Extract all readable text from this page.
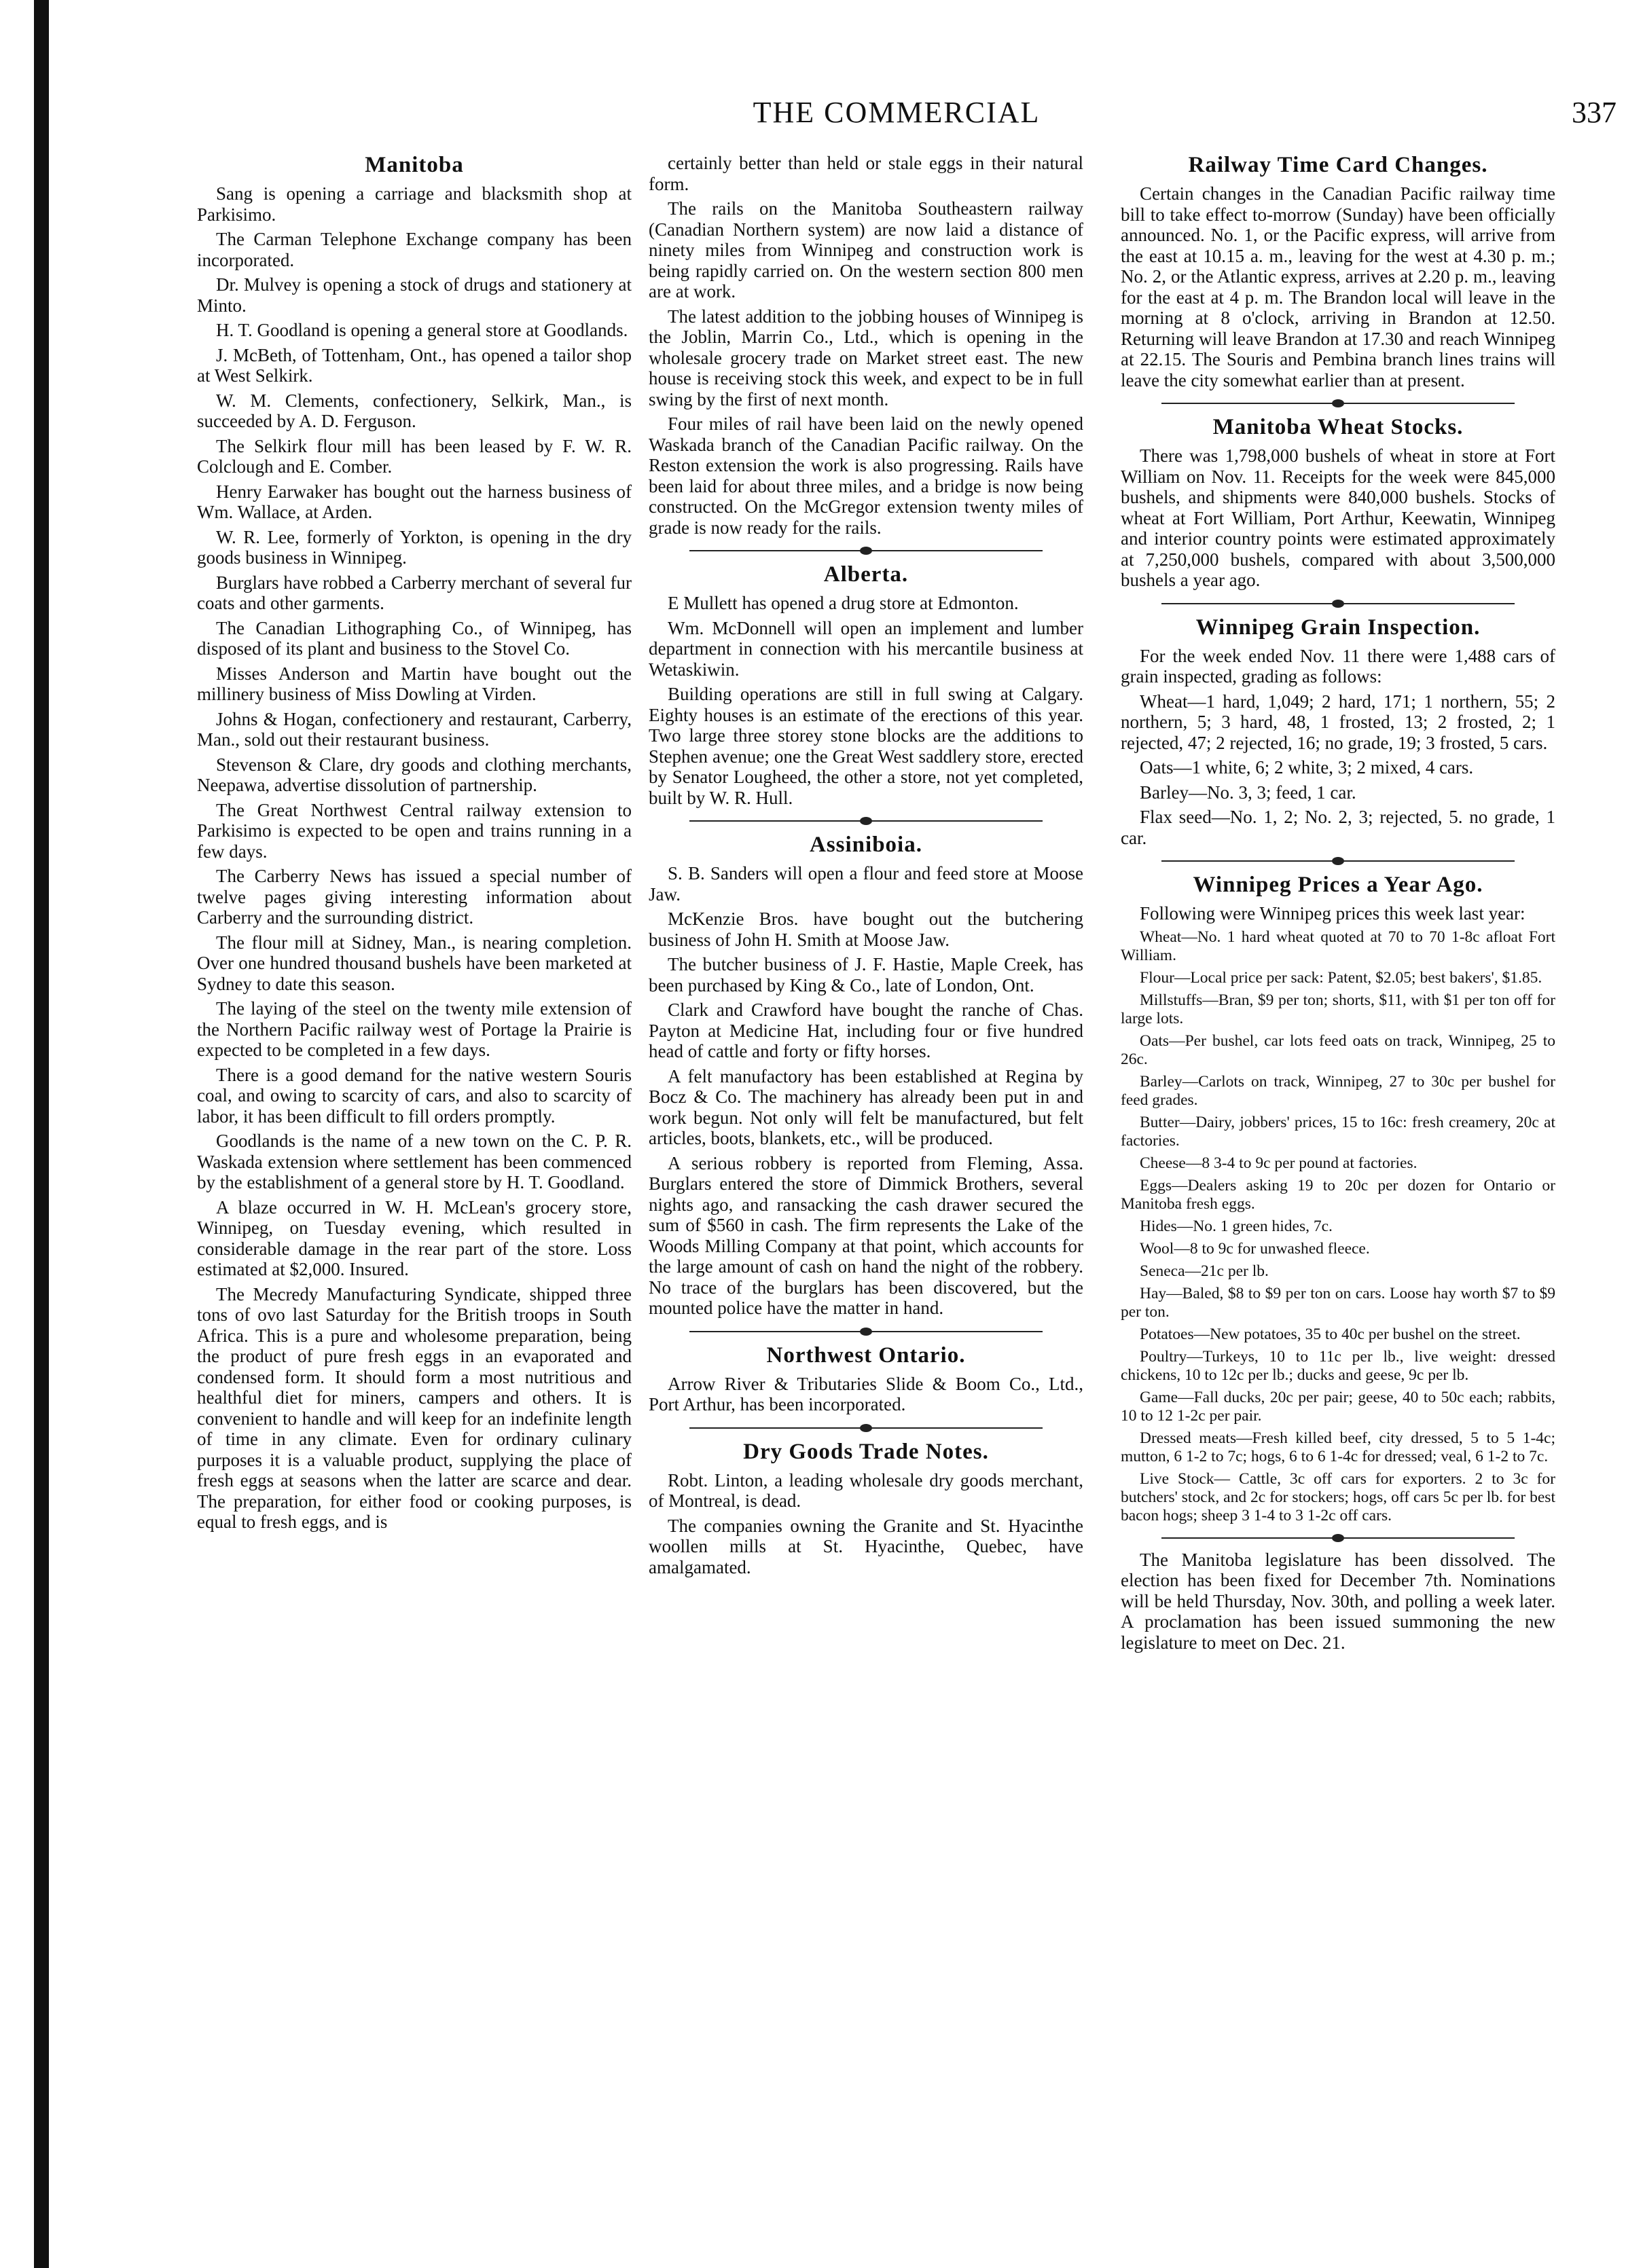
THE COMMERCIAL	337
Manitoba

Sang is opening a carriage and blacksmith shop at Parkisimo.

The Carman Telephone Exchange company has been incorporated.

Dr. Mulvey is opening a stock of drugs and stationery at Minto.

H. T. Goodland is opening a general store at Goodlands.

J. McBeth, of Tottenham, Ont., has opened a tailor shop at West Selkirk.

W. M. Clements, confectionery, Selkirk, Man., is succeeded by A. D. Ferguson.

The Selkirk flour mill has been leased by F. W. R. Colclough and E. Comber.

Henry Earwaker has bought out the harness business of Wm. Wallace, at Arden.

W. R. Lee, formerly of Yorkton, is opening in the dry goods business in Winnipeg.

Burglars have robbed a Carberry merchant of several fur coats and other garments.

The Canadian Lithographing Co., of Winnipeg, has disposed of its plant and business to the Stovel Co.

Misses Anderson and Martin have bought out the millinery business of Miss Dowling at Virden.

Johns & Hogan, confectionery and restaurant, Carberry, Man., sold out their restaurant business.

Stevenson & Clare, dry goods and clothing merchants, Neepawa, advertise dissolution of partnership.

The Great Northwest Central railway extension to Parkisimo is expected to be open and trains running in a few days.

The Carberry News has issued a special number of twelve pages giving interesting information about Carberry and the surrounding district.

The flour mill at Sidney, Man., is nearing completion. Over one hundred thousand bushels have been marketed at Sydney to date this season.

The laying of the steel on the twenty mile extension of the Northern Pacific railway west of Portage la Prairie is expected to be completed in a few days.

There is a good demand for the native western Souris coal, and owing to scarcity of cars, and also to scarcity of labor, it has been difficult to fill orders promptly.

Goodlands is the name of a new town on the C. P. R. Waskada extension where settlement has been commenced by the establishment of a general store by H. T. Goodland.

A blaze occurred in W. H. McLean's grocery store, Winnipeg, on Tuesday evening, which resulted in considerable damage in the rear part of the store. Loss estimated at $2,000. Insured.

The Mecredy Manufacturing Syndicate, shipped three tons of ovo last Saturday for the British troops in South Africa. This is a pure and wholesome preparation, being the product of pure fresh eggs in an evaporated and condensed form. It should form a most nutritious and healthful diet for miners, campers and others. It is convenient to handle and will keep for an indefinite length of time in any climate. Even for ordinary culinary purposes it is a valuable product, supplying the place of fresh eggs at seasons when the latter are scarce and dear. The preparation, for either food or cooking purposes, is equal to fresh eggs, and is

certainly better than held or stale eggs in their natural form.

The rails on the Manitoba Southeastern railway (Canadian Northern system) are now laid a distance of ninety miles from Winnipeg and construction work is being rapidly carried on. On the western section 800 men are at work.

The latest addition to the jobbing houses of Winnipeg is the Joblin, Marrin Co., Ltd., which is opening in the wholesale grocery trade on Market street east. The new house is receiving stock this week, and expect to be in full swing by the first of next month.

Four miles of rail have been laid on the newly opened Waskada branch of the Canadian Pacific railway. On the Reston extension the work is also progressing. Rails have been laid for about three miles, and a bridge is now being constructed. On the McGregor extension twenty miles of grade is now ready for the rails.

Alberta.

E Mullett has opened a drug store at Edmonton.

Wm. McDonnell will open an implement and lumber department in connection with his mercantile business at Wetaskiwin.

Building operations are still in full swing at Calgary. Eighty houses is an estimate of the erections of this year. Two large three storey stone blocks are the additions to Stephen avenue; one the Great West saddlery store, erected by Senator Lougheed, the other a store, not yet completed, built by W. R. Hull.

Assiniboia.

S. B. Sanders will open a flour and feed store at Moose Jaw.

McKenzie Bros. have bought out the butchering business of John H. Smith at Moose Jaw.

The butcher business of J. F. Hastie, Maple Creek, has been purchased by King & Co., late of London, Ont.

Clark and Crawford have bought the ranche of Chas. Payton at Medicine Hat, including four or five hundred head of cattle and forty or fifty horses.

A felt manufactory has been established at Regina by Bocz & Co. The machinery has already been put in and work begun. Not only will felt be manufactured, but felt articles, boots, blankets, etc., will be produced.

A serious robbery is reported from Fleming, Assa. Burglars entered the store of Dimmick Brothers, several nights ago, and ransacking the cash drawer secured the sum of $560 in cash. The firm represents the Lake of the Woods Milling Company at that point, which accounts for the large amount of cash on hand the night of the robbery. No trace of the burglars has been discovered, but the mounted police have the matter in hand.

Northwest Ontario.

Arrow River & Tributaries Slide & Boom Co., Ltd., Port Arthur, has been incorporated.

Dry Goods Trade Notes.

Robt. Linton, a leading wholesale dry goods merchant, of Montreal, is dead.

The companies owning the Granite and St. Hyacinthe woollen mills at St. Hyacinthe, Quebec, have amalgamated.

Railway Time Card Changes.

Certain changes in the Canadian Pacific railway time bill to take effect to-morrow (Sunday) have been officially announced. No. 1, or the Pacific express, will arrive from the east at 10.15 a. m., leaving for the west at 4.30 p. m.; No. 2, or the Atlantic express, arrives at 2.20 p. m., leaving for the east at 4 p. m. The Brandon local will leave in the morning at 8 o'clock, arriving in Brandon at 12.50. Returning will leave Brandon at 17.30 and reach Winnipeg at 22.15. The Souris and Pembina branch lines trains will leave the city somewhat earlier than at present.

Manitoba Wheat Stocks.

There was 1,798,000 bushels of wheat in store at Fort William on Nov. 11. Receipts for the week were 845,000 bushels, and shipments were 840,000 bushels. Stocks of wheat at Fort William, Port Arthur, Keewatin, Winnipeg and interior country points were estimated approximately at 7,250,000 bushels, compared with about 3,500,000 bushels a year ago.

Winnipeg Grain Inspection.

For the week ended Nov. 11 there were 1,488 cars of grain inspected, grading as follows:

Wheat—1 hard, 1,049; 2 hard, 171; 1 northern, 55; 2 northern, 5; 3 hard, 48, 1 frosted, 13; 2 frosted, 2; 1 rejected, 47; 2 rejected, 16; no grade, 19; 3 frosted, 5 cars.

Oats—1 white, 6; 2 white, 3; 2 mixed, 4 cars.

Barley—No. 3, 3; feed, 1 car.

Flax seed—No. 1, 2; No. 2, 3; rejected, 5. no grade, 1 car.

Winnipeg Prices a Year Ago.

Following were Winnipeg prices this week last year:

Wheat—No. 1 hard wheat quoted at 70 to 70 1-8c afloat Fort William.

Flour—Local price per sack: Patent, $2.05; best bakers', $1.85.

Millstuffs—Bran, $9 per ton; shorts, $11, with $1 per ton off for large lots.

Oats—Per bushel, car lots feed oats on track, Winnipeg, 25 to 26c.

Barley—Carlots on track, Winnipeg, 27 to 30c per bushel for feed grades.

Butter—Dairy, jobbers' prices, 15 to 16c: fresh creamery, 20c at factories.

Cheese—8 3-4 to 9c per pound at factories.

Eggs—Dealers asking 19 to 20c per dozen for Ontario or Manitoba fresh eggs.

Hides—No. 1 green hides, 7c.

Wool—8 to 9c for unwashed fleece.

Seneca—21c per lb.

Hay—Baled, $8 to $9 per ton on cars. Loose hay worth $7 to $9 per ton.

Potatoes—New potatoes, 35 to 40c per bushel on the street.

Poultry—Turkeys, 10 to 11c per lb., live weight: dressed chickens, 10 to 12c per lb.; ducks and geese, 9c per lb.

Game—Fall ducks, 20c per pair; geese, 40 to 50c each; rabbits, 10 to 12 1-2c per pair.

Dressed meats—Fresh killed beef, city dressed, 5 to 5 1-4c; mutton, 6 1-2 to 7c; hogs, 6 to 6 1-4c for dressed; veal, 6 1-2 to 7c.

Live Stock— Cattle, 3c off cars for exporters. 2 to 3c for butchers' stock, and 2c for stockers; hogs, off cars 5c per lb. for best bacon hogs; sheep 3 1-4 to 3 1-2c off cars.

The Manitoba legislature has been dissolved. The election has been fixed for December 7th. Nominations will be held Thursday, Nov. 30th, and polling a week later. A proclamation has been issued summoning the new legislature to meet on Dec. 21.
